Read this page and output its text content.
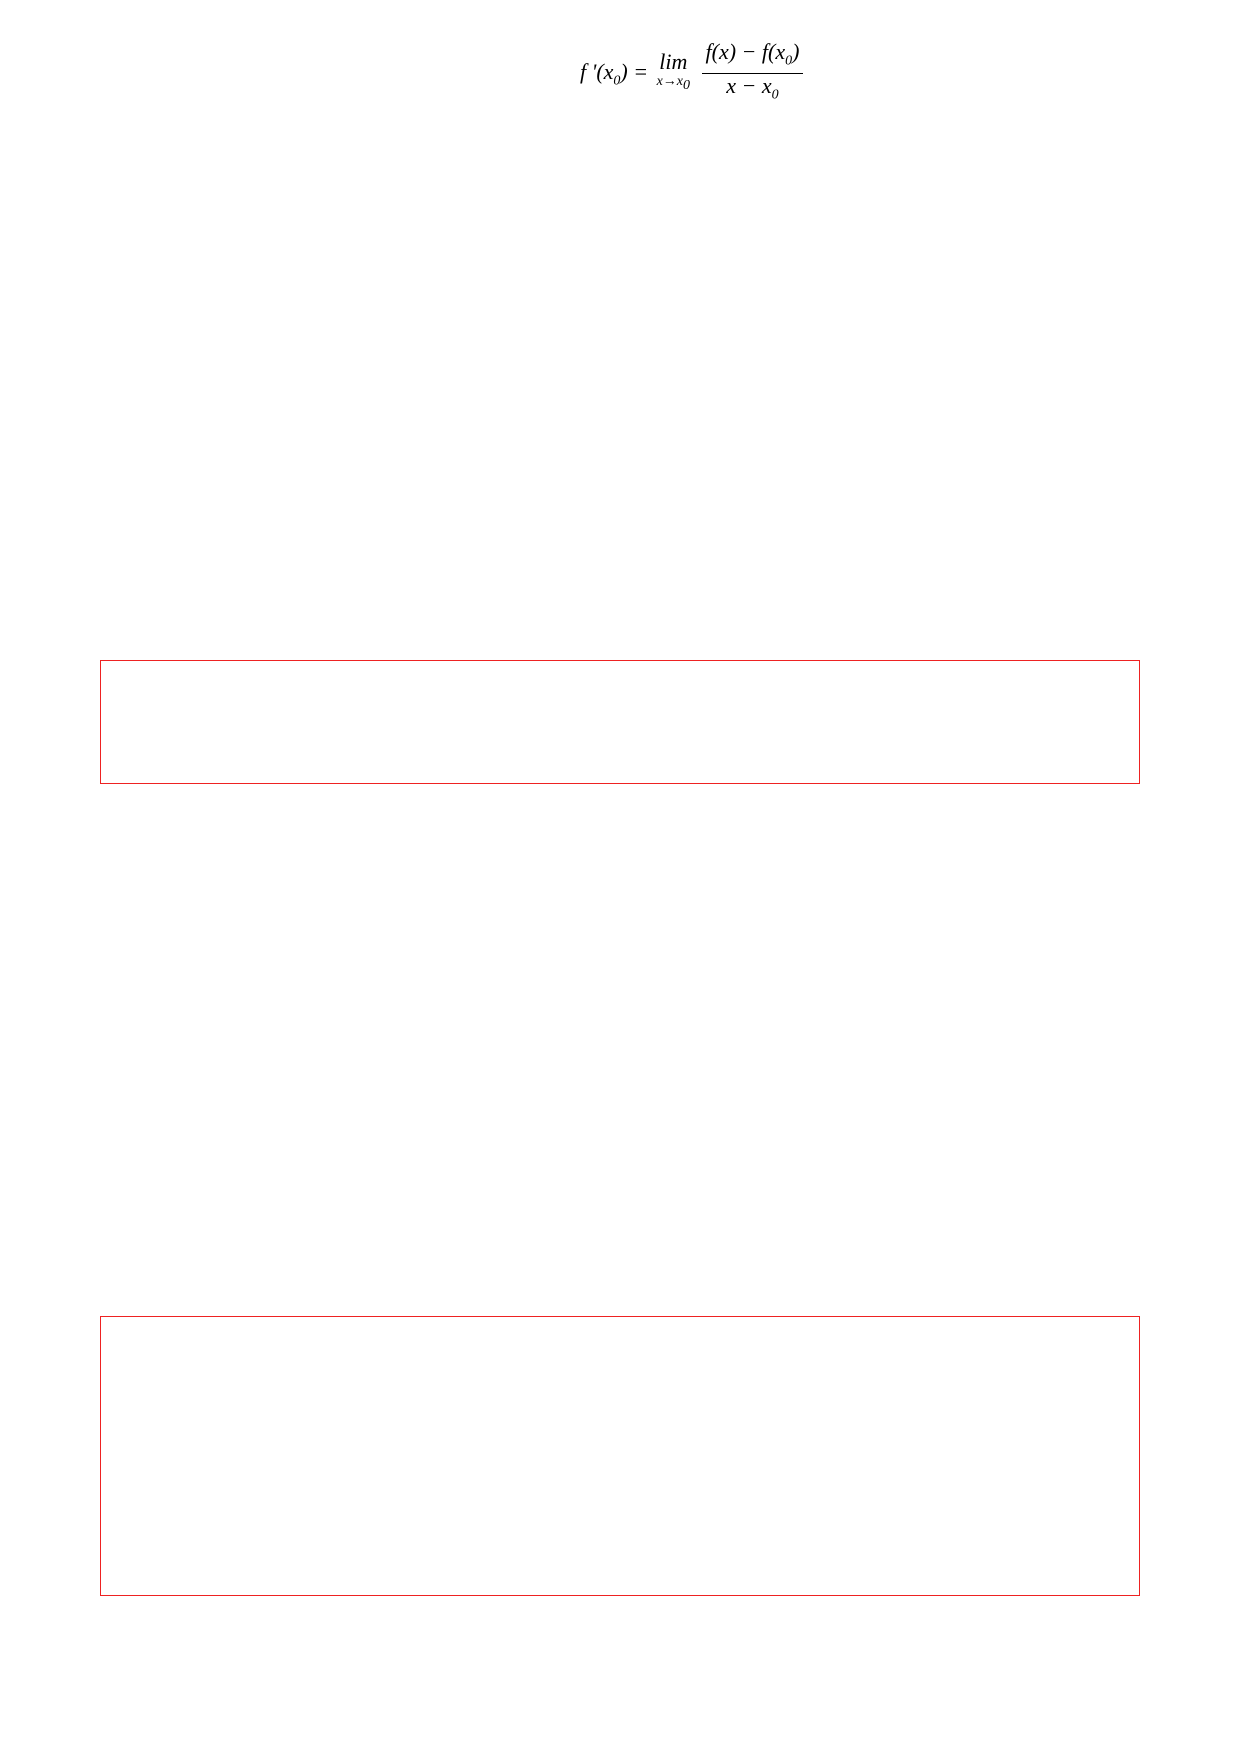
f '$(x_0) = \lim$
$x\to x_0$
$\frac{f(x) - f(x_0)}{x - x_0}$
